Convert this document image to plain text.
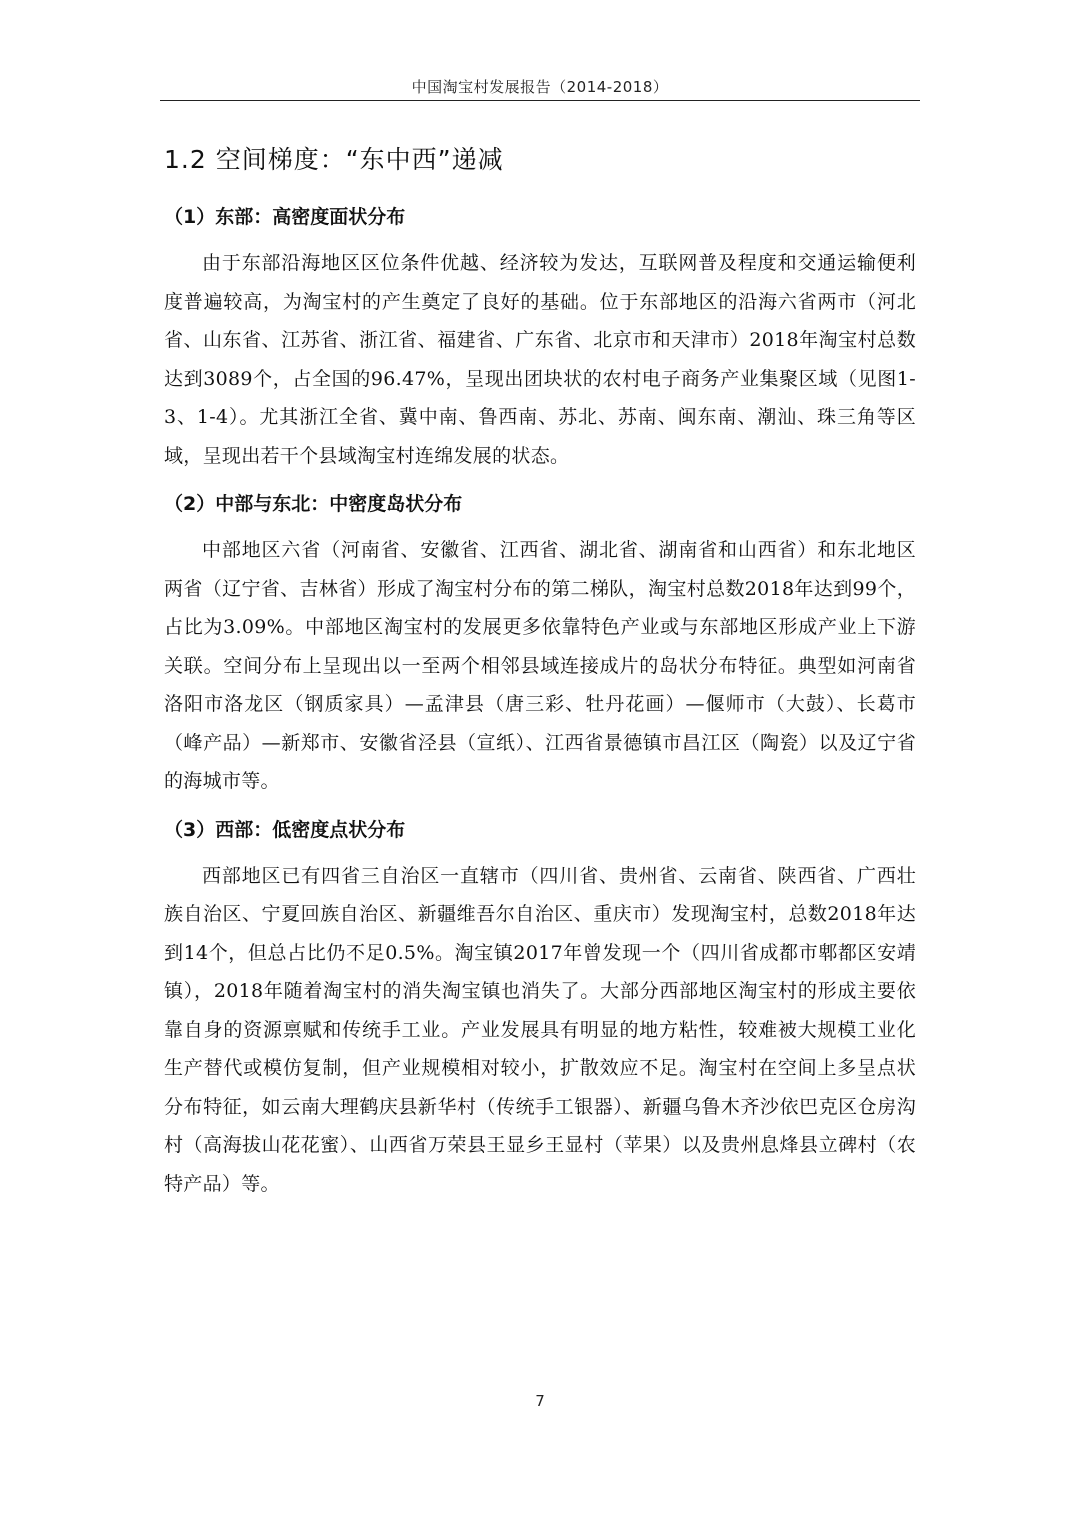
中国淘宝村发展报告（2014-2018）
1.2 空间梯度：“东中西”递减
（1）东部：高密度面状分布

由于东部沿海地区区位条件优越、经济较为发达，互联网普及程度和交通运输便利度普遍较高，为淘宝村的产生奠定了良好的基础。位于东部地区的沿海六省两市（河北省、山东省、江苏省、浙江省、福建省、广东省、北京市和天津市）2018年淘宝村总数达到3089个，占全国的96.47%，呈现出团块状的农村电子商务产业集聚区域（见图1-3、1-4）。尤其浙江全省、冀中南、鲁西南、苏北、苏南、闽东南、潮汕、珠三角等区域，呈现出若干个县域淘宝村连绵发展的状态。

（2）中部与东北：中密度岛状分布

中部地区六省（河南省、安徽省、江西省、湖北省、湖南省和山西省）和东北地区两省（辽宁省、吉林省）形成了淘宝村分布的第二梯队，淘宝村总数2018年达到99个，占比为3.09%。中部地区淘宝村的发展更多依靠特色产业或与东部地区形成产业上下游关联。空间分布上呈现出以一至两个相邻县域连接成片的岛状分布特征。典型如河南省洛阳市洛龙区（钢质家具）—孟津县（唐三彩、牡丹花画）—偃师市（大鼓）、长葛市（峰产品）—新郑市、安徽省泾县（宣纸）、江西省景德镇市昌江区（陶瓷）以及辽宁省的海城市等。

（3）西部：低密度点状分布

西部地区已有四省三自治区一直辖市（四川省、贵州省、云南省、陕西省、广西壮族自治区、宁夏回族自治区、新疆维吾尔自治区、重庆市）发现淘宝村，总数2018年达到14个，但总占比仍不足0.5%。淘宝镇2017年曾发现一个（四川省成都市郫都区安靖镇），2018年随着淘宝村的消失淘宝镇也消失了。大部分西部地区淘宝村的形成主要依靠自身的资源禀赋和传统手工业。产业发展具有明显的地方粘性，较难被大规模工业化生产替代或模仿复制，但产业规模相对较小，扩散效应不足。淘宝村在空间上多呈点状分布特征，如云南大理鹤庆县新华村（传统手工银器）、新疆乌鲁木齐沙依巴克区仓房沟村（高海拔山花花蜜）、山西省万荣县王显乡王显村（苹果）以及贵州息烽县立碑村（农特产品）等。

7
